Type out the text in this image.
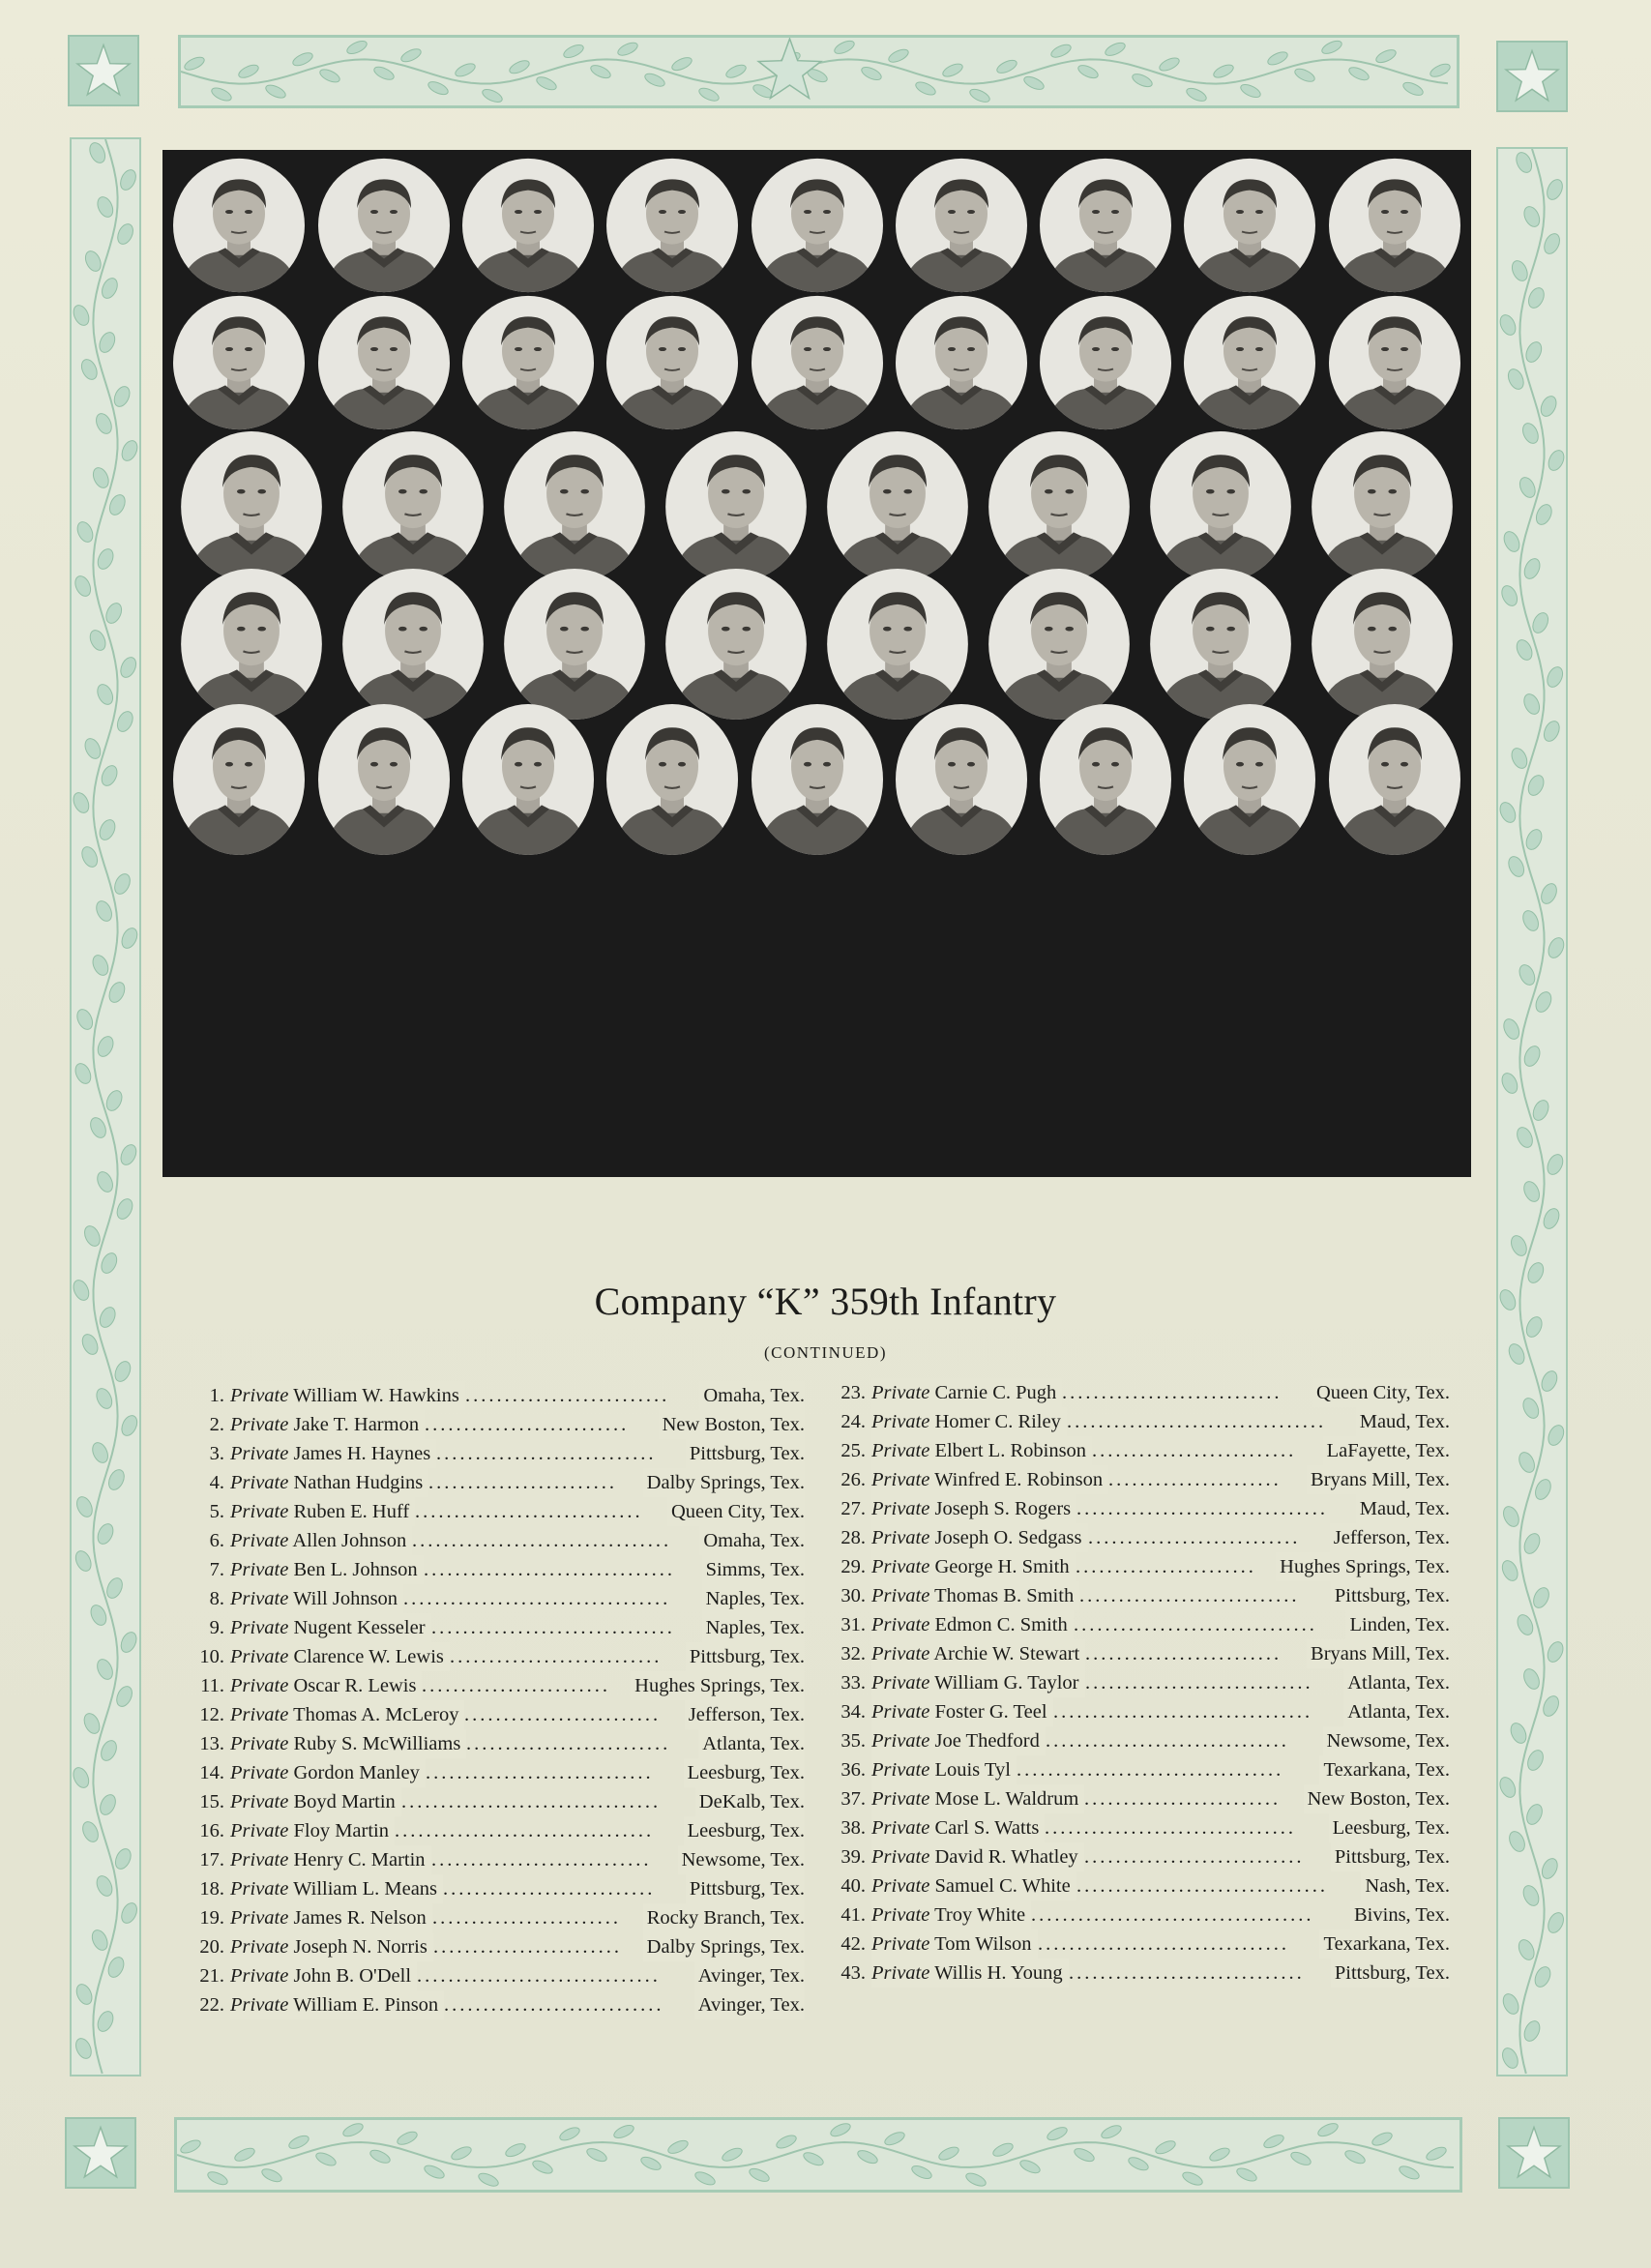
Company “K” 359th Infantry
(CONTINUED)
..........................
1. Private William W. Hawkins	Omaha, Tex.
..........................
2. Private Jake T. Harmon	New Boston, Tex.
............................
3. Private James H. Haynes	Pittsburg, Tex.
........................
4. Private Nathan Hudgins	Dalby Springs, Tex.
.............................
5. Private Ruben E. Huff	Queen City, Tex.
.................................
6. Private Allen Johnson	Omaha, Tex.
................................
7. Private Ben L. Johnson	Simms, Tex.
..................................
8. Private Will Johnson	Naples, Tex.
...............................
9. Private Nugent Kesseler	Naples, Tex.
...........................
10. Private Clarence W. Lewis	Pittsburg, Tex.
........................
11. Private Oscar R. Lewis	Hughes Springs, Tex.
.........................
12. Private Thomas A. McLeroy	Jefferson, Tex.
..........................
13. Private Ruby S. McWilliams	Atlanta, Tex.
.............................
14. Private Gordon Manley	Leesburg, Tex.
.................................
15. Private Boyd Martin	DeKalb, Tex.
.................................
16. Private Floy Martin	Leesburg, Tex.
............................
17. Private Henry C. Martin	Newsome, Tex.
...........................
18. Private William L. Means	Pittsburg, Tex.
........................
19. Private James R. Nelson	Rocky Branch, Tex.
........................
20. Private Joseph N. Norris	Dalby Springs, Tex.
...............................
21. Private John B. O'Dell	Avinger, Tex.
............................
22. Private William E. Pinson	Avinger, Tex.
............................
23. Private Carnie C. Pugh	Queen City, Tex.
.................................
24. Private Homer C. Riley	Maud, Tex.
..........................
25. Private Elbert L. Robinson	LaFayette, Tex.
......................
26. Private Winfred E. Robinson	Bryans Mill, Tex.
................................
27. Private Joseph S. Rogers	Maud, Tex.
...........................
28. Private Joseph O. Sedgass	Jefferson, Tex.
.......................
29. Private George H. Smith	Hughes Springs, Tex.
............................
30. Private Thomas B. Smith	Pittsburg, Tex.
...............................
31. Private Edmon C. Smith	Linden, Tex.
.........................
32. Private Archie W. Stewart	Bryans Mill, Tex.
.............................
33. Private William G. Taylor	Atlanta, Tex.
.................................
34. Private Foster G. Teel	Atlanta, Tex.
...............................
35. Private Joe Thedford	Newsome, Tex.
..................................
36. Private Louis Tyl	Texarkana, Tex.
.........................
37. Private Mose L. Waldrum	New Boston, Tex.
................................
38. Private Carl S. Watts	Leesburg, Tex.
............................
39. Private David R. Whatley	Pittsburg, Tex.
................................
40. Private Samuel C. White	Nash, Tex.
....................................
41. Private Troy White	Bivins, Tex.
................................
42. Private Tom Wilson	Texarkana, Tex.
..............................
43. Private Willis H. Young	Pittsburg, Tex.
